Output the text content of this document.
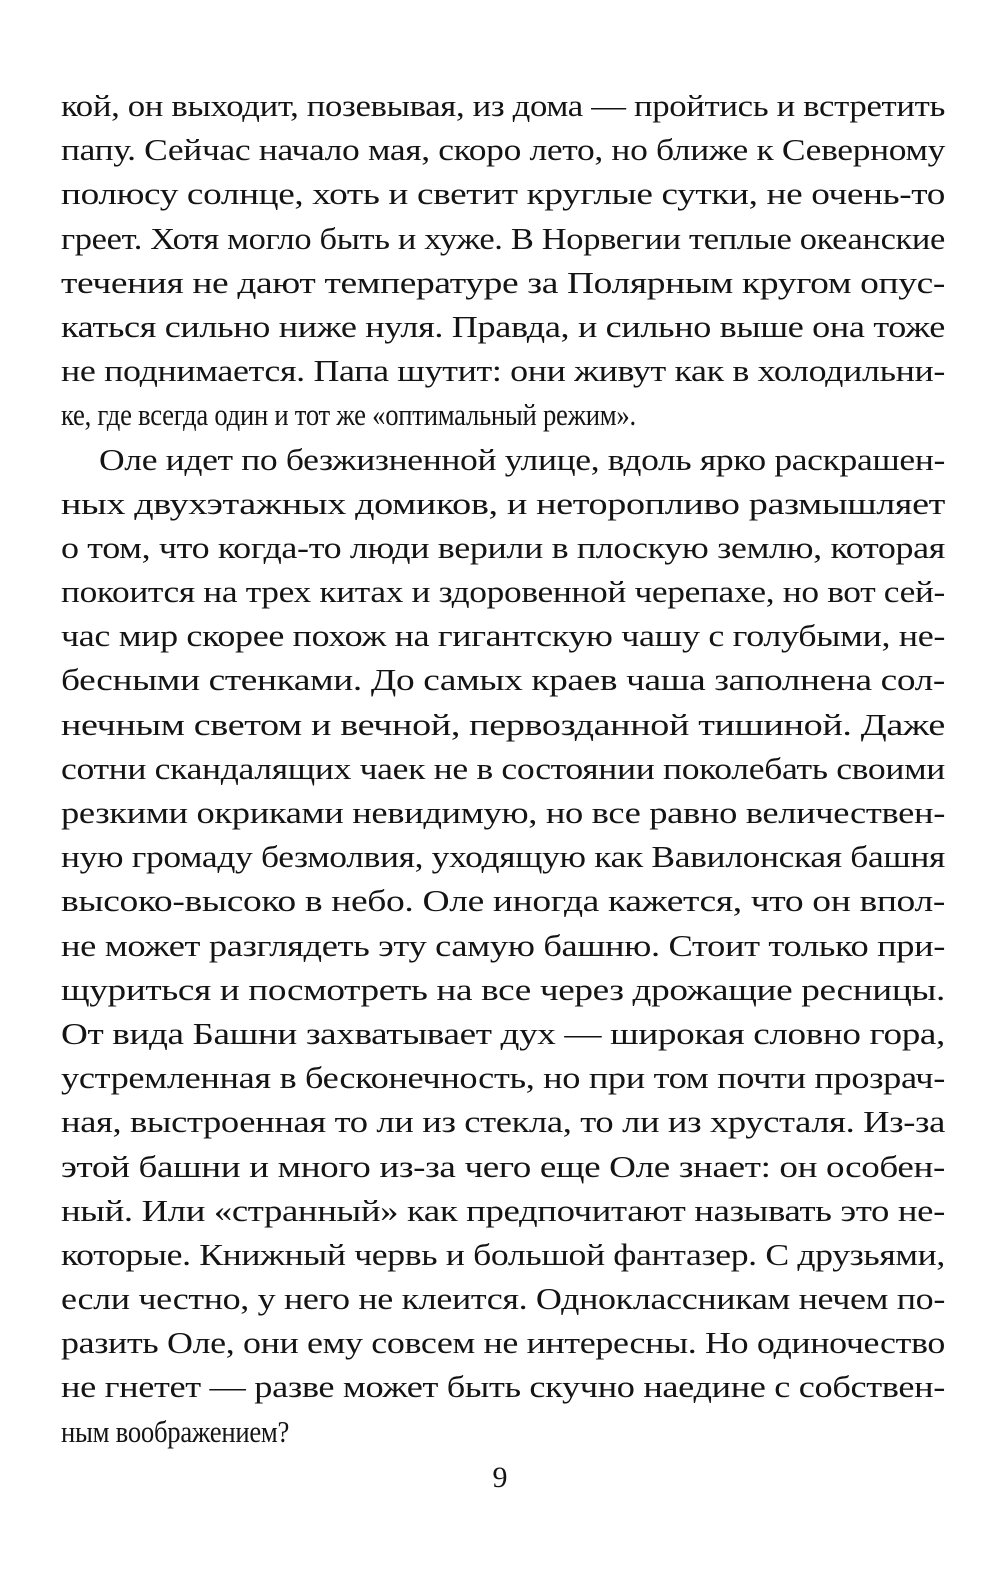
кой, он выходит, позевывая, из дома — пройтись и встретить
папу. Сейчас начало мая, скоро лето, но ближе к Северному
полюсу солнце, хоть и светит круглые сутки, не очень-то
греет. Хотя могло быть и хуже. В Норвегии теплые океанские
течения не дают температуре за Полярным кругом опус-
каться сильно ниже нуля. Правда, и сильно выше она тоже
не поднимается. Папа шутит: они живут как в холодильни-
ке, где всегда один и тот же «оптимальный режим».
Оле идет по безжизненной улице, вдоль ярко раскрашен-
ных двухэтажных домиков, и неторопливо размышляет
о том, что когда-то люди верили в плоскую землю, которая
покоится на трех китах и здоровенной черепахе, но вот сей-
час мир скорее похож на гигантскую чашу с голубыми, не-
бесными стенками. До самых краев чаша заполнена сол-
нечным светом и вечной, первозданной тишиной. Даже
сотни скандалящих чаек не в состоянии поколебать своими
резкими окриками невидимую, но все равно величествен-
ную громаду безмолвия, уходящую как Вавилонская башня
высоко-высоко в небо. Оле иногда кажется, что он впол-
не может разглядеть эту самую башню. Стоит только при-
щуриться и посмотреть на все через дрожащие ресницы.
От вида Башни захватывает дух — широкая словно гора,
устремленная в бесконечность, но при том почти прозрач-
ная, выстроенная то ли из стекла, то ли из хрусталя. Из-за
этой башни и много из-за чего еще Оле знает: он особен-
ный. Или «странный» как предпочитают называть это не-
которые. Книжный червь и большой фантазер. С друзьями,
если честно, у него не клеится. Одноклассникам нечем по-
разить Оле, они ему совсем не интересны. Но одиночество
не гнетет — разве может быть скучно наедине с собствен-
ным воображением?
9
